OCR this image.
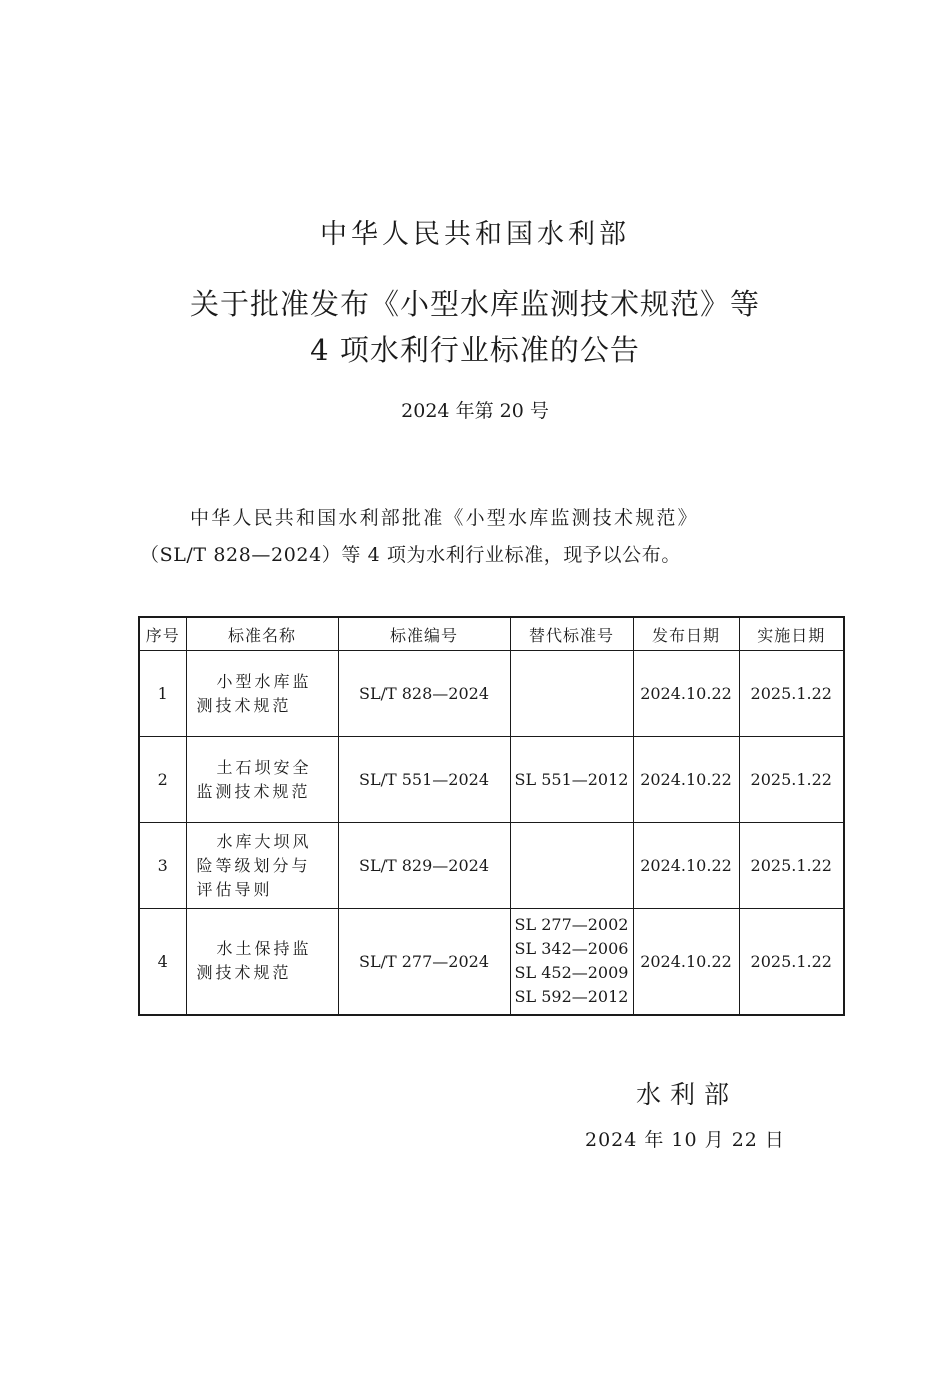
中华人民共和国水利部
关于批准发布《小型水库监测技术规范》等
4 项水利行业标准的公告
2024 年第 20 号
中华人民共和国水利部批准《小型水库监测技术规范》
（SL/T 828—2024）等 4 项为水利行业标准，现予以公布。
序号	标准名称	标准编号	替代标准号	发布日期	实施日期
1	小型水库监
测技术规范	SL/T 828—2024		2024.10.22	2025.1.22
2	土石坝安全
监测技术规范	SL/T 551—2024	SL 551—2012	2024.10.22	2025.1.22
3	水库大坝风
险等级划分与
评估导则	SL/T 829—2024		2024.10.22	2025.1.22
4	水土保持监
测技术规范	SL/T 277—2024	SL 277—2002
SL 342—2006
SL 452—2009
SL 592—2012	2024.10.22	2025.1.22
水利部
2024 年 10 月 22 日
